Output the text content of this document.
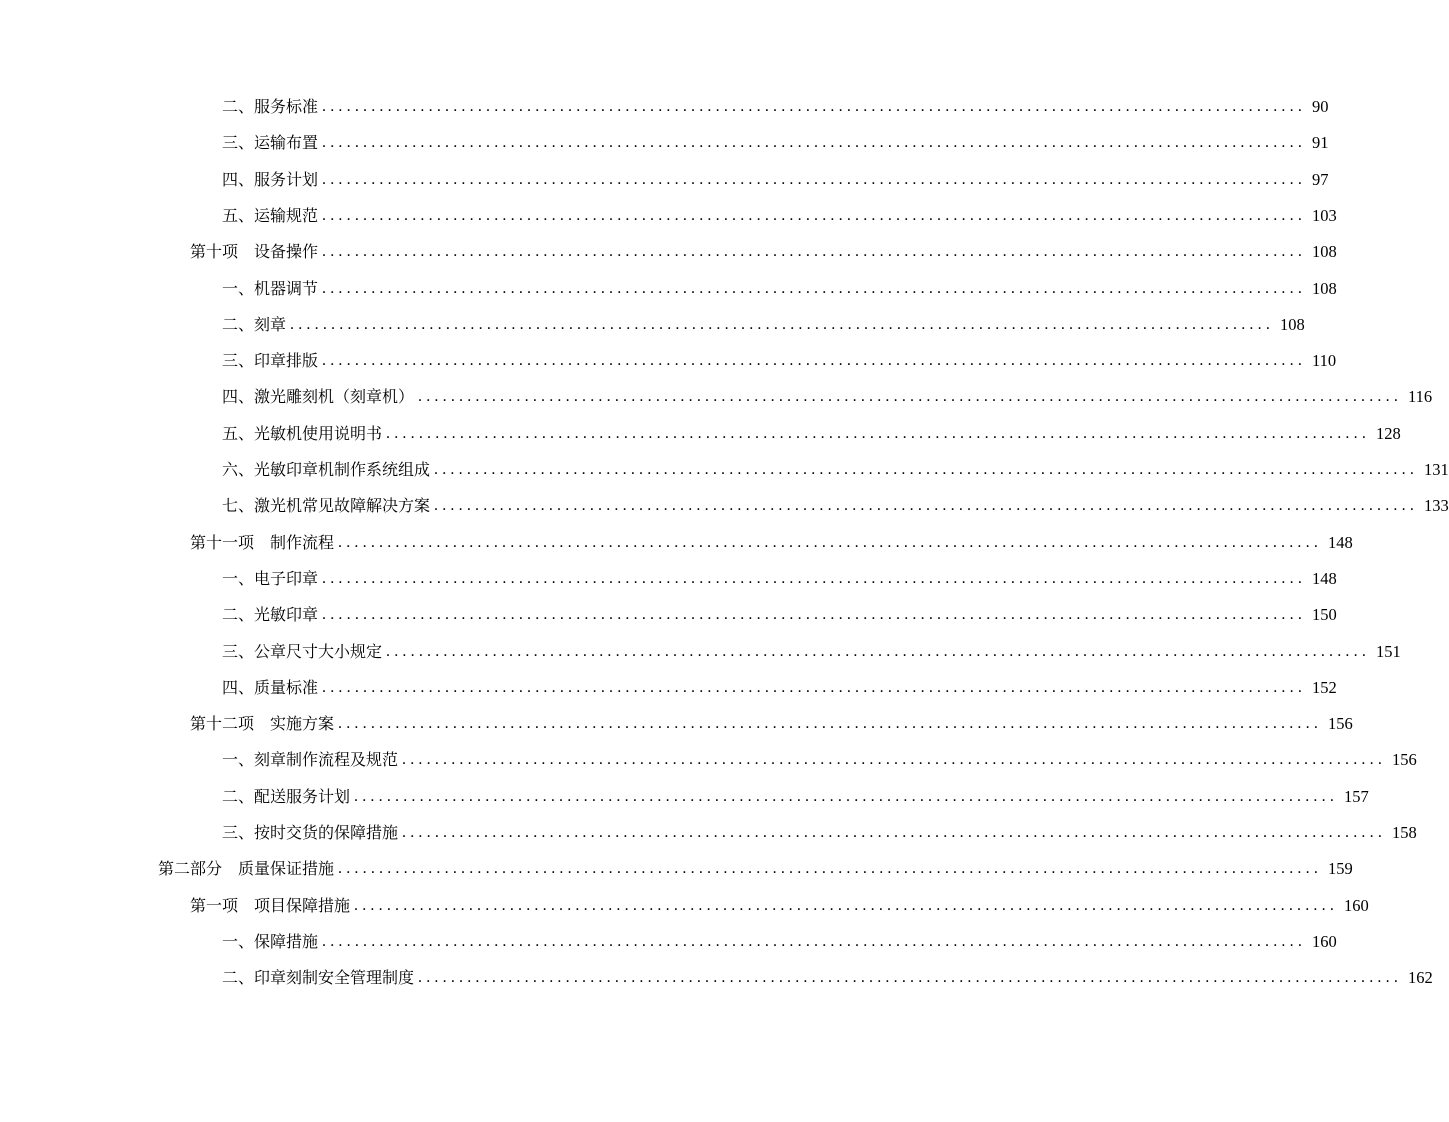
二、服务标准 ........................................................................................................................ 90
三、运输布置 ........................................................................................................................ 91
四、服务计划 ........................................................................................................................ 97
五、运输规范 ........................................................................................................................ 103
第十项　设备操作 ........................................................................................................................ 108
一、机器调节 ........................................................................................................................ 108
二、刻章 ........................................................................................................................ 108
三、印章排版 ........................................................................................................................ 110
四、激光雕刻机（刻章机） ........................................................................................................................ 116
五、光敏机使用说明书 ........................................................................................................................ 128
六、光敏印章机制作系统组成 ........................................................................................................................ 131
七、激光机常见故障解决方案 ........................................................................................................................ 133
第十一项　制作流程 ........................................................................................................................ 148
一、电子印章 ........................................................................................................................ 148
二、光敏印章 ........................................................................................................................ 150
三、公章尺寸大小规定 ........................................................................................................................ 151
四、质量标准 ........................................................................................................................ 152
第十二项　实施方案 ........................................................................................................................ 156
一、刻章制作流程及规范 ........................................................................................................................ 156
二、配送服务计划 ........................................................................................................................ 157
三、按时交货的保障措施 ........................................................................................................................ 158
第二部分　质量保证措施 ........................................................................................................................ 159
第一项　项目保障措施 ........................................................................................................................ 160
一、保障措施 ........................................................................................................................ 160
二、印章刻制安全管理制度 ........................................................................................................................ 162
